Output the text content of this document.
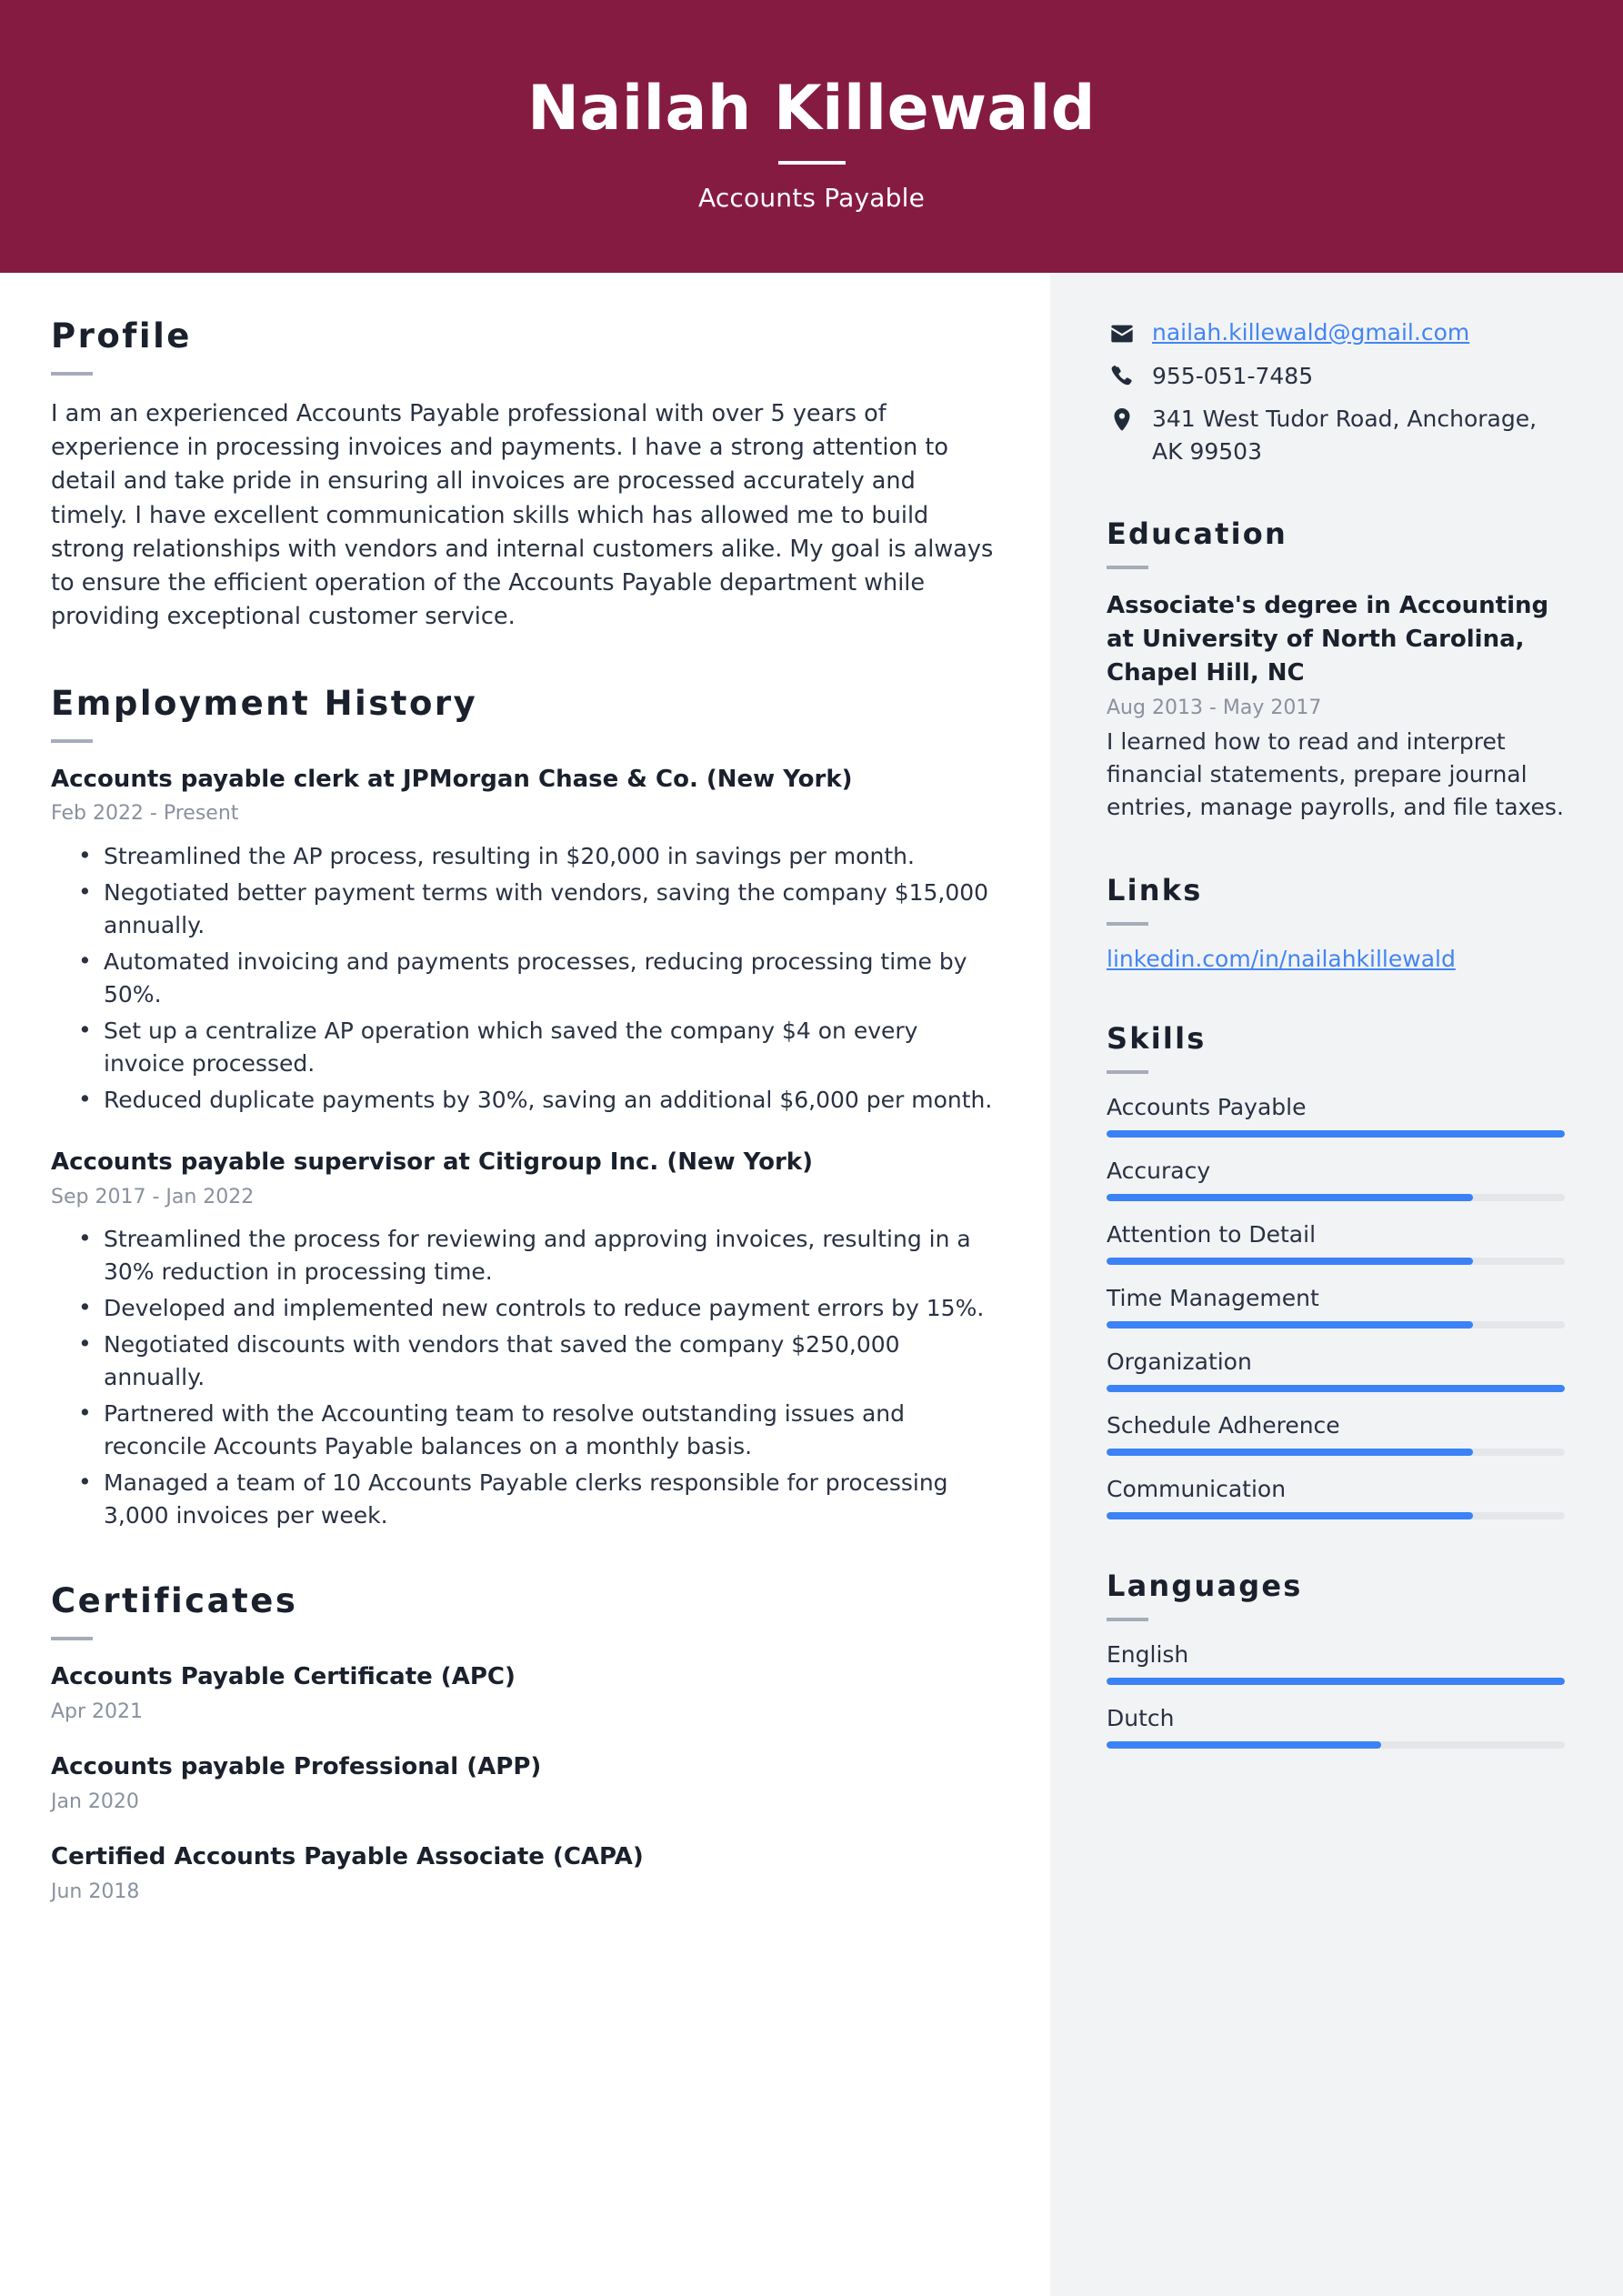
Nailah Killewald
Accounts Payable
Profile
I am an experienced Accounts Payable professional with over 5 years of experience in processing invoices and payments. I have a strong attention to detail and take pride in ensuring all invoices are processed accurately and timely. I have excellent communication skills which has allowed me to build strong relationships with vendors and internal customers alike. My goal is always to ensure the efficient operation of the Accounts Payable department while providing exceptional customer service.
Employment History
Accounts payable clerk at JPMorgan Chase & Co. (New York)
Feb 2022 - Present
• Streamlined the AP process, resulting in $20,000 in savings per month.
• Negotiated better payment terms with vendors, saving the company $15,000 annually.
• Automated invoicing and payments processes, reducing processing time by 50%.
• Set up a centralize AP operation which saved the company $4 on every invoice processed.
• Reduced duplicate payments by 30%, saving an additional $6,000 per month.
Accounts payable supervisor at Citigroup Inc. (New York)
Sep 2017 - Jan 2022
• Streamlined the process for reviewing and approving invoices, resulting in a 30% reduction in processing time.
• Developed and implemented new controls to reduce payment errors by 15%.
• Negotiated discounts with vendors that saved the company $250,000 annually.
• Partnered with the Accounting team to resolve outstanding issues and reconcile Accounts Payable balances on a monthly basis.
• Managed a team of 10 Accounts Payable clerks responsible for processing 3,000 invoices per week.
Certificates
Accounts Payable Certificate (APC)
Apr 2021
Accounts payable Professional (APP)
Jan 2020
Certified Accounts Payable Associate (CAPA)
Jun 2018
nailah.killewald@gmail.com
955-051-7485
341 West Tudor Road, Anchorage, AK 99503
Education
Associate's degree in Accounting at University of North Carolina, Chapel Hill, NC
Aug 2013 - May 2017
I learned how to read and interpret financial statements, prepare journal entries, manage payrolls, and file taxes.
Links
linkedin.com/in/nailahkillewald
Skills
Accounts Payable
Accuracy
Attention to Detail
Time Management
Organization
Schedule Adherence
Communication
Languages
English
Dutch
